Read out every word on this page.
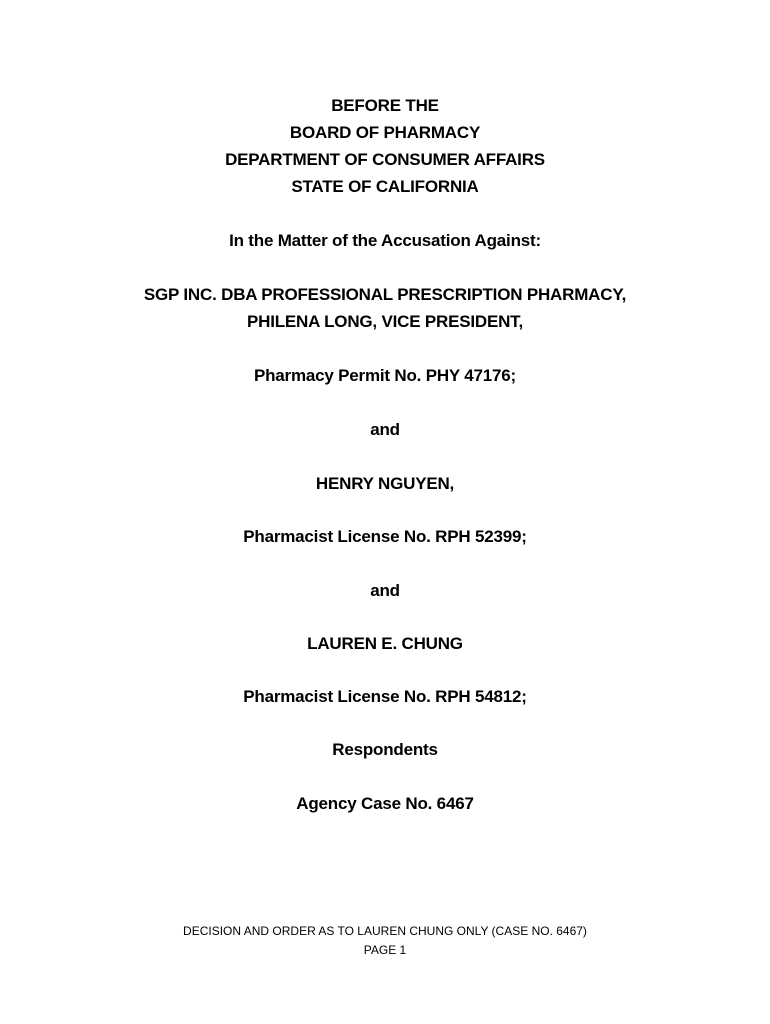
BEFORE THE
BOARD OF PHARMACY
DEPARTMENT OF CONSUMER AFFAIRS
STATE OF CALIFORNIA
In the Matter of the Accusation Against:
SGP INC. DBA PROFESSIONAL PRESCRIPTION PHARMACY,
PHILENA LONG, VICE PRESIDENT,
Pharmacy Permit No. PHY 47176;
and
HENRY NGUYEN,
Pharmacist License No. RPH 52399;
and
LAUREN E. CHUNG
Pharmacist License No. RPH 54812;
Respondents
Agency Case No. 6467
DECISION AND ORDER AS TO LAUREN CHUNG ONLY (CASE NO. 6467)
PAGE 1
